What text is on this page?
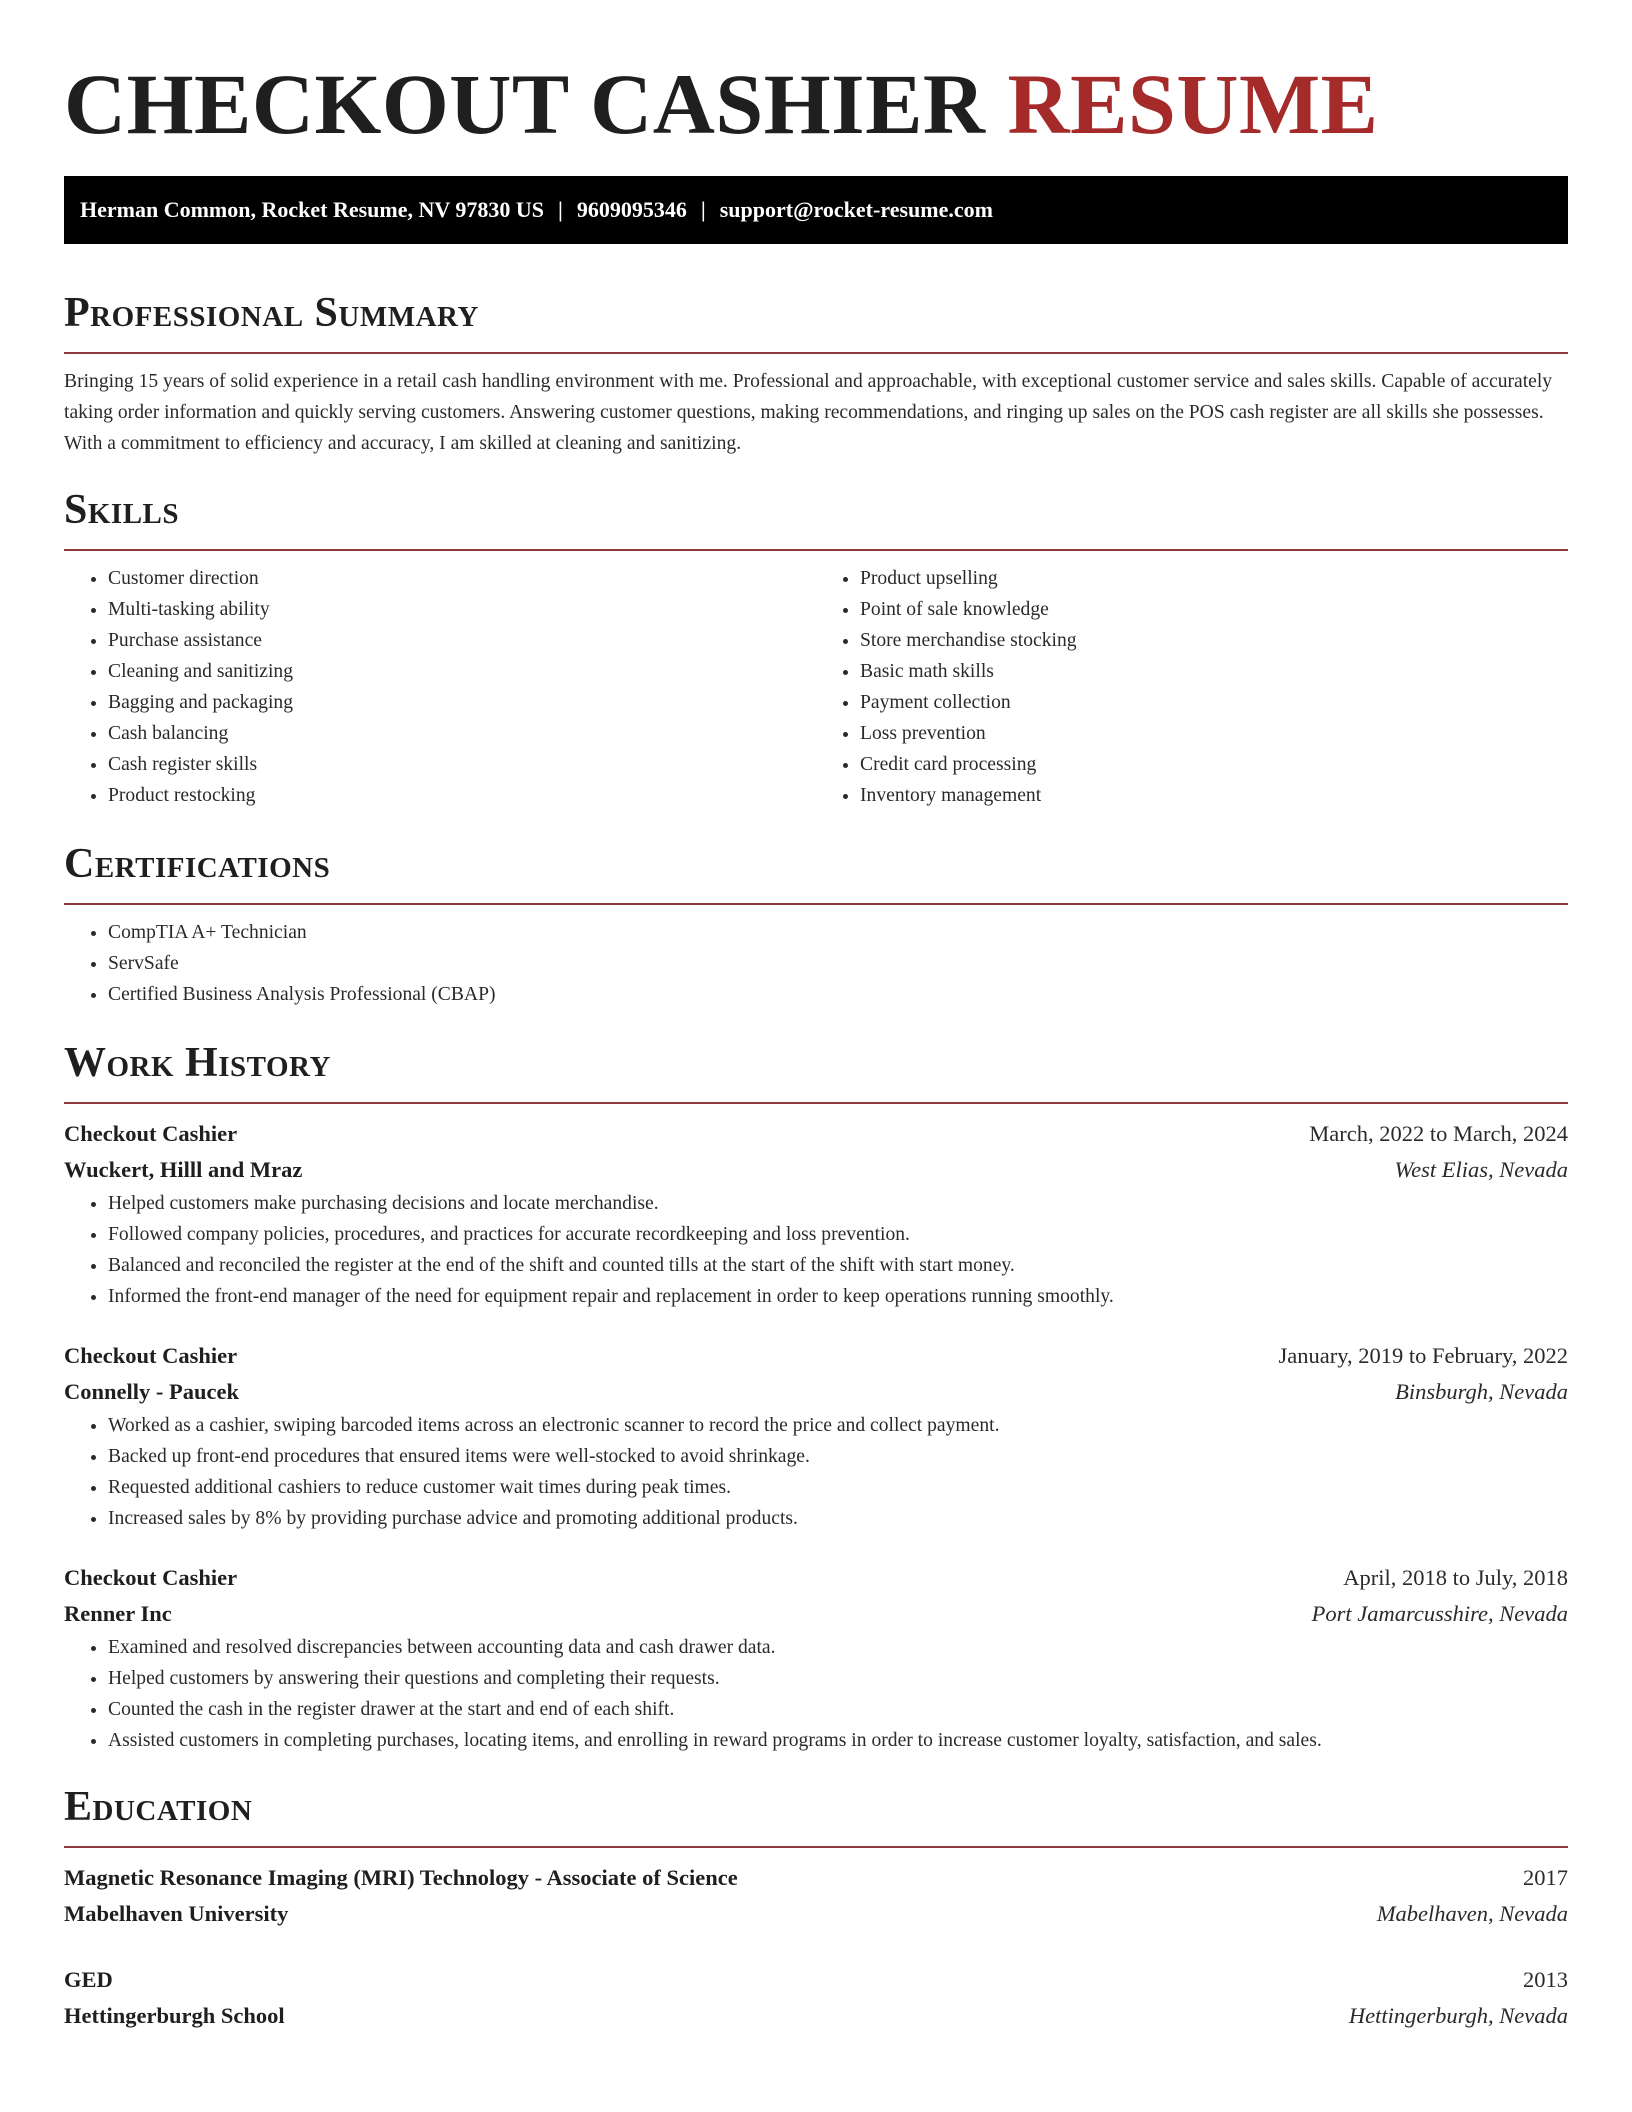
CHECKOUT CASHIER RESUME
Herman Common, Rocket Resume, NV 97830 US | 9609095346 | support@rocket-resume.com
Professional Summary

Bringing 15 years of solid experience in a retail cash handling environment with me. Professional and approachable, with exceptional customer service and sales skills. Capable of accurately taking order information and quickly serving customers. Answering customer questions, making recommendations, and ringing up sales on the POS cash register are all skills she possesses. With a commitment to efficiency and accuracy, I am skilled at cleaning and sanitizing.

Skills
• Customer direction
• Multi-tasking ability
• Purchase assistance
• Cleaning and sanitizing
• Bagging and packaging
• Cash balancing
• Cash register skills
• Product restocking
• Product upselling
• Point of sale knowledge
• Store merchandise stocking
• Basic math skills
• Payment collection
• Loss prevention
• Credit card processing
• Inventory management
Certifications
• CompTIA A+ Technician
• ServSafe
• Certified Business Analysis Professional (CBAP)
Work History
Checkout Cashier	March, 2022 to March, 2024
Wuckert, Hilll and Mraz	West Elias, Nevada
• Helped customers make purchasing decisions and locate merchandise.
• Followed company policies, procedures, and practices for accurate recordkeeping and loss prevention.
• Balanced and reconciled the register at the end of the shift and counted tills at the start of the shift with start money.
• Informed the front-end manager of the need for equipment repair and replacement in order to keep operations running smoothly.
Checkout Cashier	January, 2019 to February, 2022
Connelly - Paucek	Binsburgh, Nevada
• Worked as a cashier, swiping barcoded items across an electronic scanner to record the price and collect payment.
• Backed up front-end procedures that ensured items were well-stocked to avoid shrinkage.
• Requested additional cashiers to reduce customer wait times during peak times.
• Increased sales by 8% by providing purchase advice and promoting additional products.
Checkout Cashier	April, 2018 to July, 2018
Renner Inc	Port Jamarcusshire, Nevada
• Examined and resolved discrepancies between accounting data and cash drawer data.
• Helped customers by answering their questions and completing their requests.
• Counted the cash in the register drawer at the start and end of each shift.
• Assisted customers in completing purchases, locating items, and enrolling in reward programs in order to increase customer loyalty, satisfaction, and sales.
Education
Magnetic Resonance Imaging (MRI) Technology - Associate of Science	2017
Mabelhaven University	Mabelhaven, Nevada
GED	2013
Hettingerburgh School	Hettingerburgh, Nevada
